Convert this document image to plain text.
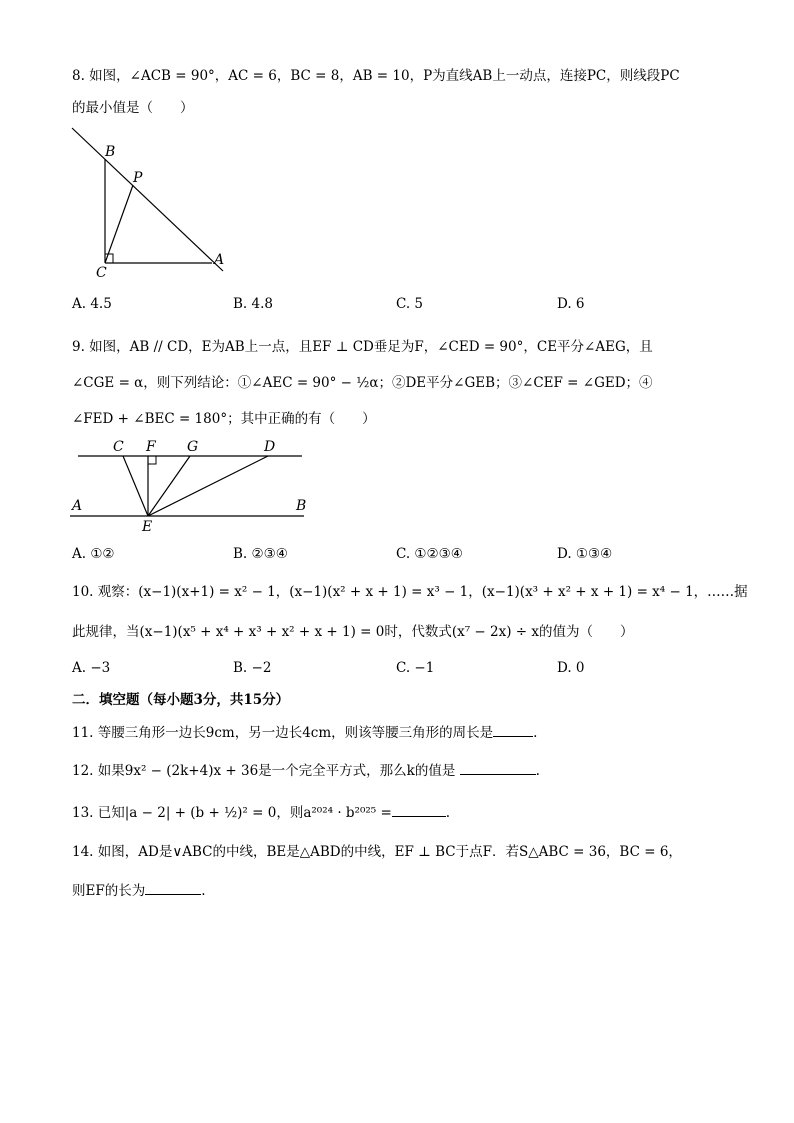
8. 如图，∠ACB = 90°，AC = 6，BC = 8，AB = 10，P为直线AB上一动点，连接PC，则线段PC
的最小值是（　　）
B
P
C
A
A. 4.5	B. 4.8	C. 5	D. 6
9. 如图，AB // CD，E为AB上一点，且EF ⊥ CD垂足为F，∠CED = 90°，CE平分∠AEG，且
∠CGE = α，则下列结论：①∠AEC = 90° − ½α；②DE平分∠GEB；③∠CEF = ∠GED；④
∠FED + ∠BEC = 180°；其中正确的有（　　）
C F G	D
A	B
E
A. ①②	B. ②③④	C. ①②③④	D. ①③④
10. 观察：(x−1)(x+1) = x² − 1，(x−1)(x² + x + 1) = x³ − 1，(x−1)(x³ + x² + x + 1) = x⁴ − 1，……据
此规律，当(x−1)(x⁵ + x⁴ + x³ + x² + x + 1) = 0时，代数式(x⁷ − 2x) ÷ x的值为（　　）
A. −3	B. −2	C. −1	D. 0
二．填空题（每小题3分，共15分）
11. 等腰三角形一边长9cm，另一边长4cm，则该等腰三角形的周长是	.
12. 如果9x² − (2k+4)x + 36是一个完全平方式，那么k的值是	.
13. 已知|a − 2| + (b + ½)² = 0，则a²⁰²⁴ · b²⁰²⁵ =	.
14. 如图，AD是∨ABC的中线，BE是△ABD的中线，EF ⊥ BC于点F．若S△ABC = 36，BC = 6，
则EF的长为	.
